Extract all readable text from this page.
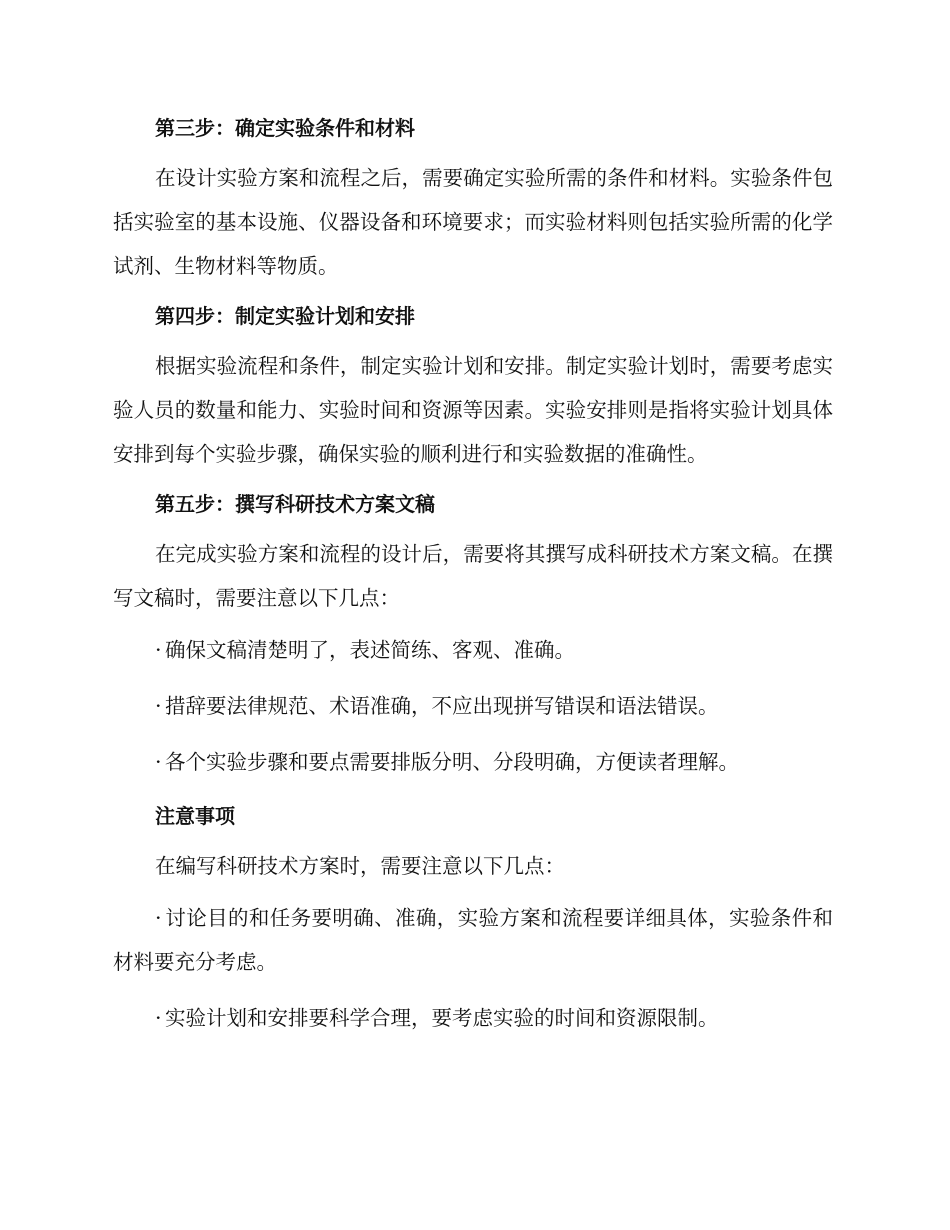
第三步：确定实验条件和材料

在设计实验方案和流程之后，需要确定实验所需的条件和材料。实验条件包括实验室的基本设施、仪器设备和环境要求；而实验材料则包括实验所需的化学试剂、生物材料等物质。

第四步：制定实验计划和安排

根据实验流程和条件，制定实验计划和安排。制定实验计划时，需要考虑实验人员的数量和能力、实验时间和资源等因素。实验安排则是指将实验计划具体安排到每个实验步骤，确保实验的顺利进行和实验数据的准确性。

第五步：撰写科研技术方案文稿

在完成实验方案和流程的设计后，需要将其撰写成科研技术方案文稿。在撰写文稿时，需要注意以下几点：

· 确保文稿清楚明了，表述简练、客观、准确。

· 措辞要法律规范、术语准确，不应出现拼写错误和语法错误。

· 各个实验步骤和要点需要排版分明、分段明确，方便读者理解。

注意事项

在编写科研技术方案时，需要注意以下几点：

· 讨论目的和任务要明确、准确，实验方案和流程要详细具体，实验条件和材料要充分考虑。

· 实验计划和安排要科学合理，要考虑实验的时间和资源限制。
